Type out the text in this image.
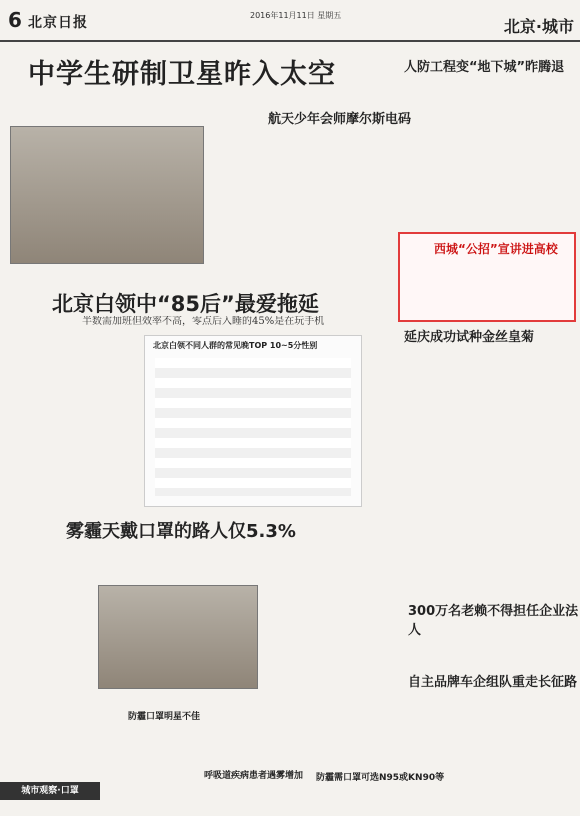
6 北京日报	2016年11月11日 星期五
北京·城市
中学生研制卫星昨入太空
航天少年会师摩尔斯电码
北京白领中“85后”最爱拖延
半数需加班但效率不高，零点后入睡的45%是在玩手机
北京白领不同人群的常见晚TOP 10~5分性别
雾霾天戴口罩的路人仅5.3%
防霾口罩明星不佳
呼吸道疾病患者遇雾增加 防霾需口罩可选N95或KN90等
人防工程变“地下城”昨腾退
西城“公招”宣讲进高校
延庆成功试种金丝皇菊
300万名老赖不得担任企业法人
自主品牌车企组队重走长征路
城市观察·口罩
